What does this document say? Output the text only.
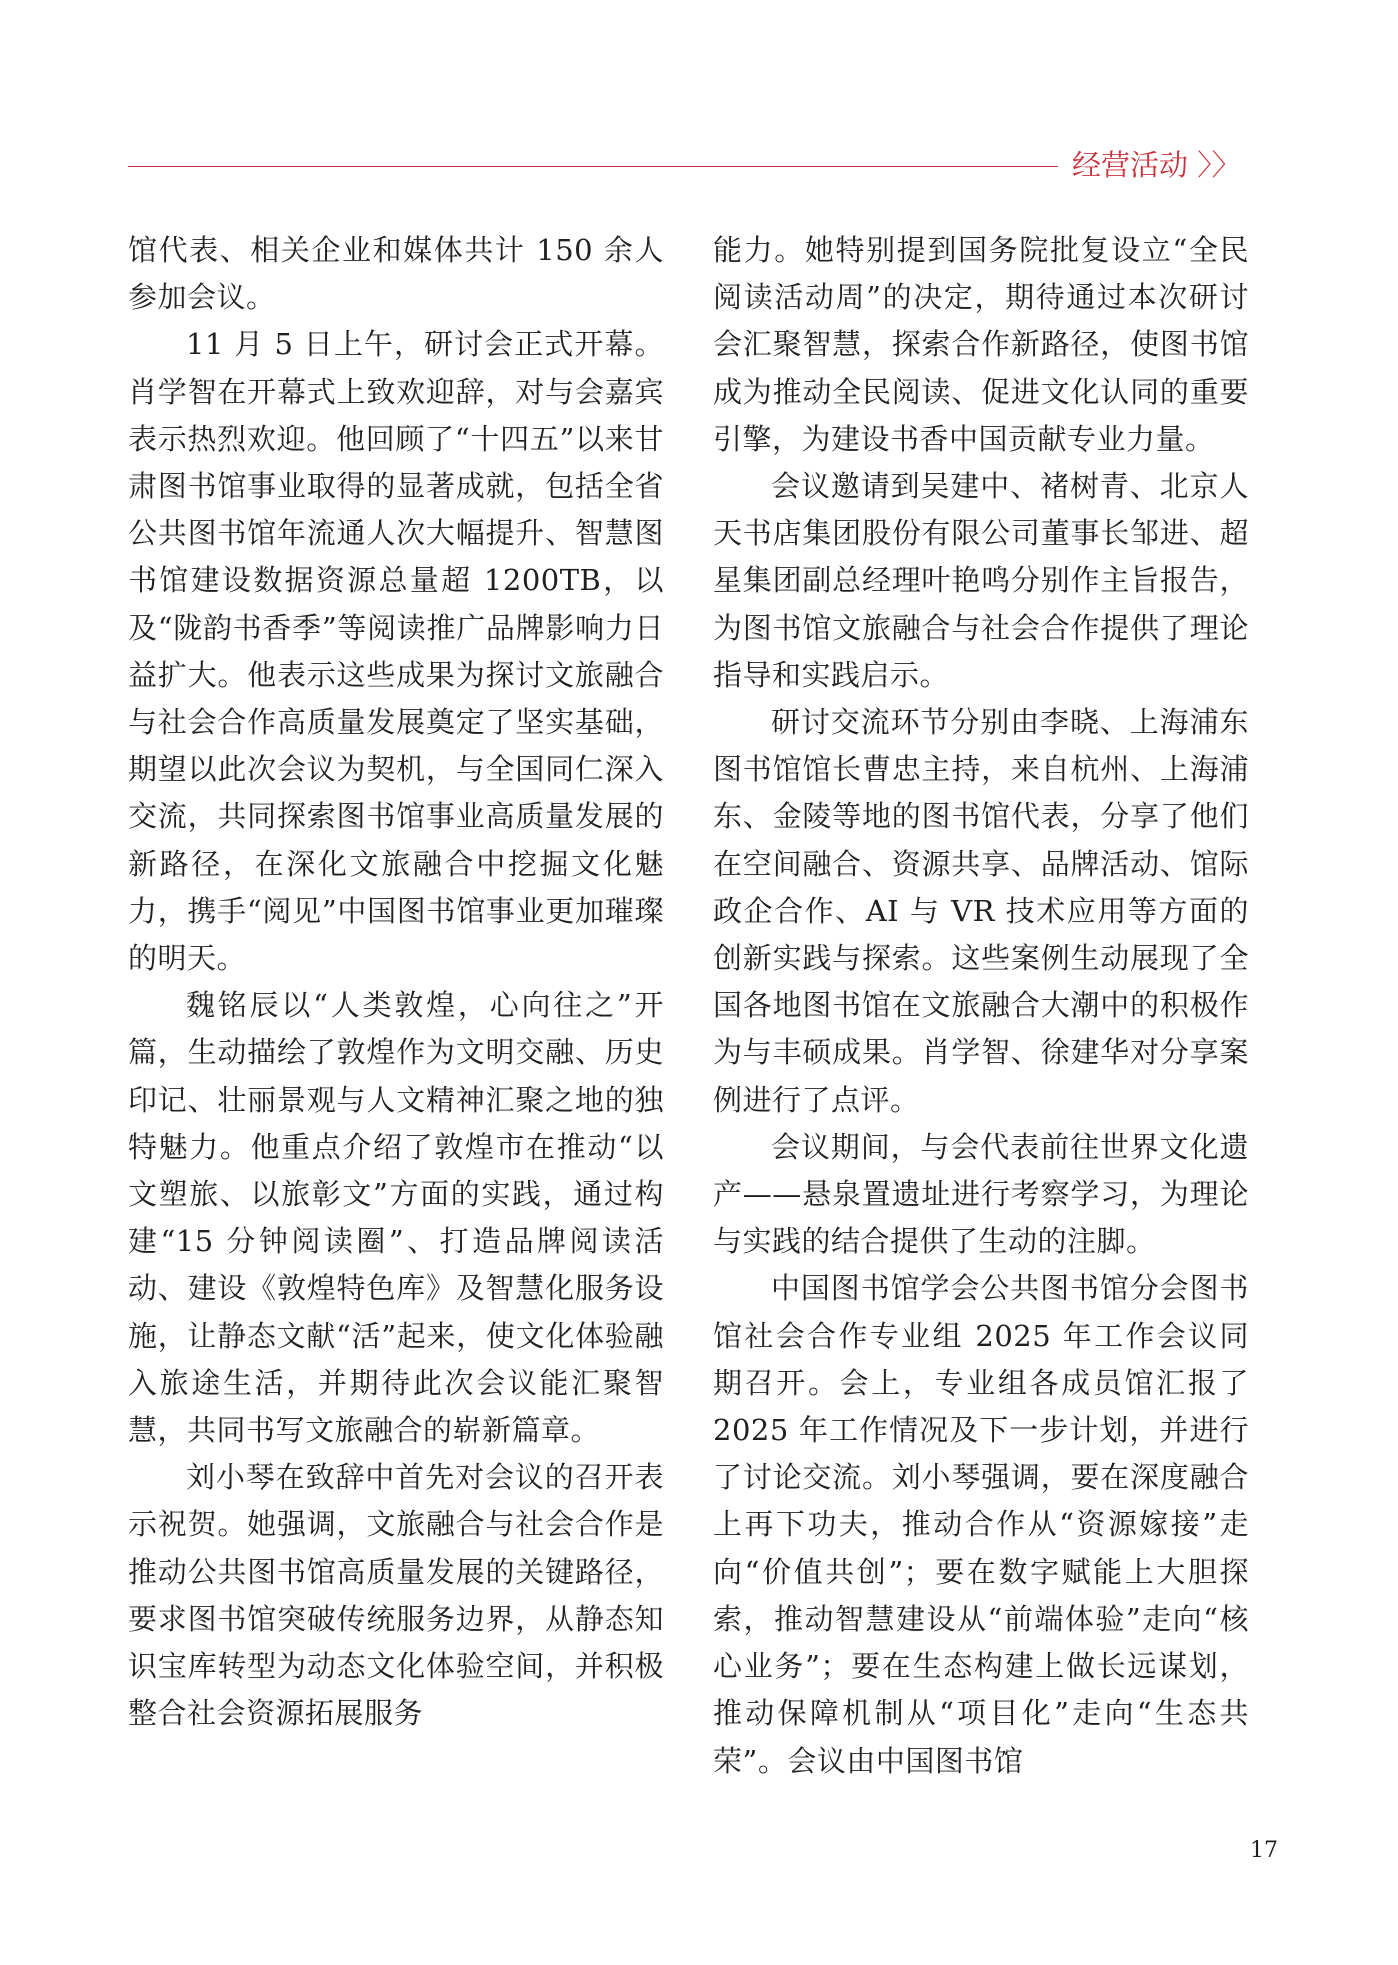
经营活动 〉〉

馆代表、相关企业和媒体共计 150 余人参加会议。

11 月 5 日上午，研讨会正式开幕。肖学智在开幕式上致欢迎辞，对与会嘉宾表示热烈欢迎。他回顾了“十四五”以来甘肃图书馆事业取得的显著成就，包括全省公共图书馆年流通人次大幅提升、智慧图书馆建设数据资源总量超 1200TB，以及“陇韵书香季”等阅读推广品牌影响力日益扩大。他表示这些成果为探讨文旅融合与社会合作高质量发展奠定了坚实基础，期望以此次会议为契机，与全国同仁深入交流，共同探索图书馆事业高质量发展的新路径，在深化文旅融合中挖掘文化魅力，携手“阅见”中国图书馆事业更加璀璨的明天。

魏铭辰以“人类敦煌，心向往之”开篇，生动描绘了敦煌作为文明交融、历史印记、壮丽景观与人文精神汇聚之地的独特魅力。他重点介绍了敦煌市在推动“以文塑旅、以旅彰文”方面的实践，通过构建“15 分钟阅读圈”、打造品牌阅读活动、建设《敦煌特色库》及智慧化服务设施，让静态文献“活”起来，使文化体验融入旅途生活，并期待此次会议能汇聚智慧，共同书写文旅融合的崭新篇章。

刘小琴在致辞中首先对会议的召开表示祝贺。她强调，文旅融合与社会合作是推动公共图书馆高质量发展的关键路径，要求图书馆突破传统服务边界，从静态知识宝库转型为动态文化体验空间，并积极整合社会资源拓展服务

能力。她特别提到国务院批复设立“全民阅读活动周”的决定，期待通过本次研讨会汇聚智慧，探索合作新路径，使图书馆成为推动全民阅读、促进文化认同的重要引擎，为建设书香中国贡献专业力量。

会议邀请到吴建中、褚树青、北京人天书店集团股份有限公司董事长邹进、超星集团副总经理叶艳鸣分别作主旨报告，为图书馆文旅融合与社会合作提供了理论指导和实践启示。

研讨交流环节分别由李晓、上海浦东图书馆馆长曹忠主持，来自杭州、上海浦东、金陵等地的图书馆代表，分享了他们在空间融合、资源共享、品牌活动、馆际政企合作、AI 与 VR 技术应用等方面的创新实践与探索。这些案例生动展现了全国各地图书馆在文旅融合大潮中的积极作为与丰硕成果。肖学智、徐建华对分享案例进行了点评。

会议期间，与会代表前往世界文化遗产——悬泉置遗址进行考察学习，为理论与实践的结合提供了生动的注脚。

中国图书馆学会公共图书馆分会图书馆社会合作专业组 2025 年工作会议同期召开。会上，专业组各成员馆汇报了 2025 年工作情况及下一步计划，并进行了讨论交流。刘小琴强调，要在深度融合上再下功夫，推动合作从“资源嫁接”走向“价值共创”；要在数字赋能上大胆探索，推动智慧建设从“前端体验”走向“核心业务”；要在生态构建上做长远谋划，推动保障机制从“项目化”走向“生态共荣”。会议由中国图书馆

17
